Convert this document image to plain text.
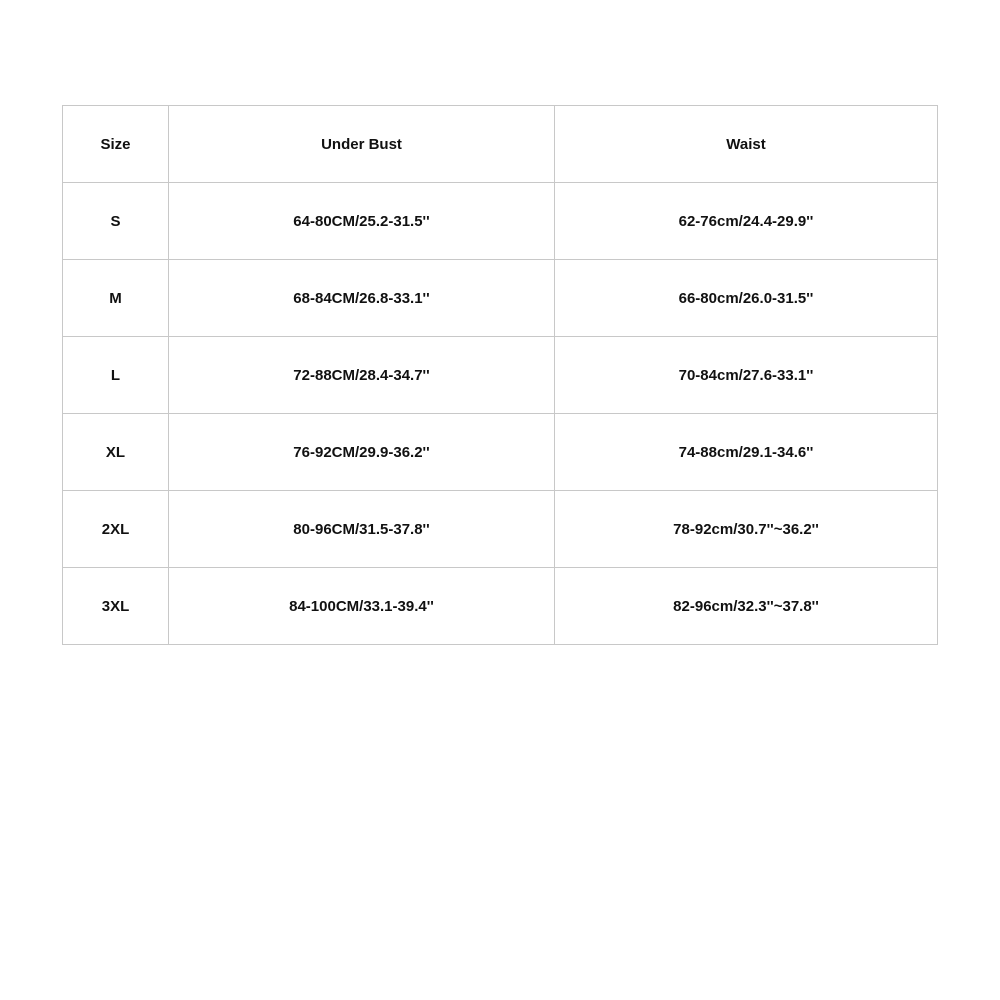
Size	Under Bust	Waist
S	64-80CM/25.2-31.5''	62-76cm/24.4-29.9''
M	68-84CM/26.8-33.1''	66-80cm/26.0-31.5''
L	72-88CM/28.4-34.7''	70-84cm/27.6-33.1''
XL	76-92CM/29.9-36.2''	74-88cm/29.1-34.6''
2XL	80-96CM/31.5-37.8''	78-92cm/30.7''~36.2''
3XL	84-100CM/33.1-39.4''	82-96cm/32.3''~37.8''
